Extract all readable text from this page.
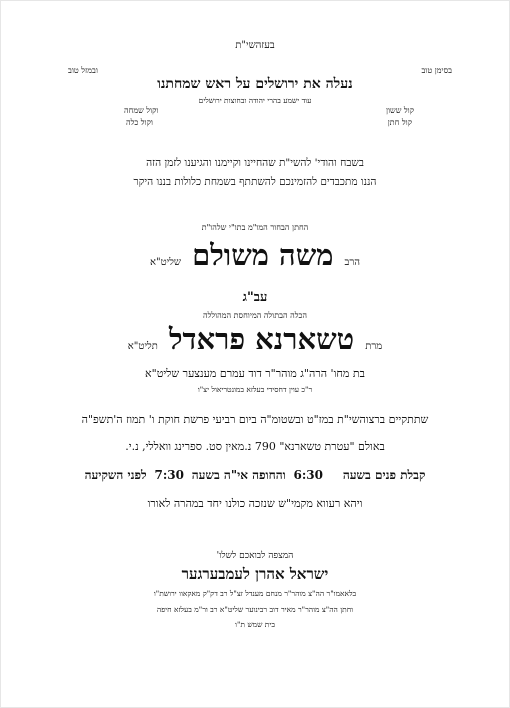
בעזהשי"ת
בסימן טוב
ובמזל טוב
נעלה את ירושלים על ראש שמחתנו
עוד ישמע בהרי יהודה ובחוצות ירושלים
קול ששון
וקול שמחה
קול חתן
וקול כלה
בשבח והודי' להשי"ת שהחיינו וקיימנו והגיענו לזמן הזה
הננו מתכבדים להזמינכם להשתתף בשמחת כלולות בננו היקר
החתן הבחור המו"מ בתו"י שלהו"ת
הרב משה משולם שליט"א
עב"ג
הכלה הבתולה המיוחסת המהוללה
מרת טשארנא פראדל תליט"א
בת מחו' הרה"ג מוהר"ר דוד עמרם מענצער שליט"א
ר"כ עוין דחסידי בעלזא במונטריאול יצ"ו
שתתקיים ברצוהשי"ת במז"ט ובשטומ"ה ביום רביעי פרשת חוקת ו' תמוז ה'תשפ"ה
באולם "עטרת טשארנא" 790 נ.מאין סט. ספרינג וואללי, נ.י.
קבלת פנים בשעה 6:30 והחופה אי"ה בשעה 7:30 לפני השקיעה
ויהא רעווא מקמי"ש שנזכה כולנו יחד במהרה לאורו
המצפה לבואכם לשלו'
ישראל אהרן לעמבערגער
בלאאמו"ר הה"צ מוהר"ר מנחם מענדל זצ"ל רב דק"ק מאקאוו ירושת"ו
וחתן הה"צ מוהר"ר מאיר דוב רבינוער שליט"א רב ור"מ בעלזא חיפה
בית שמש ת"ו
